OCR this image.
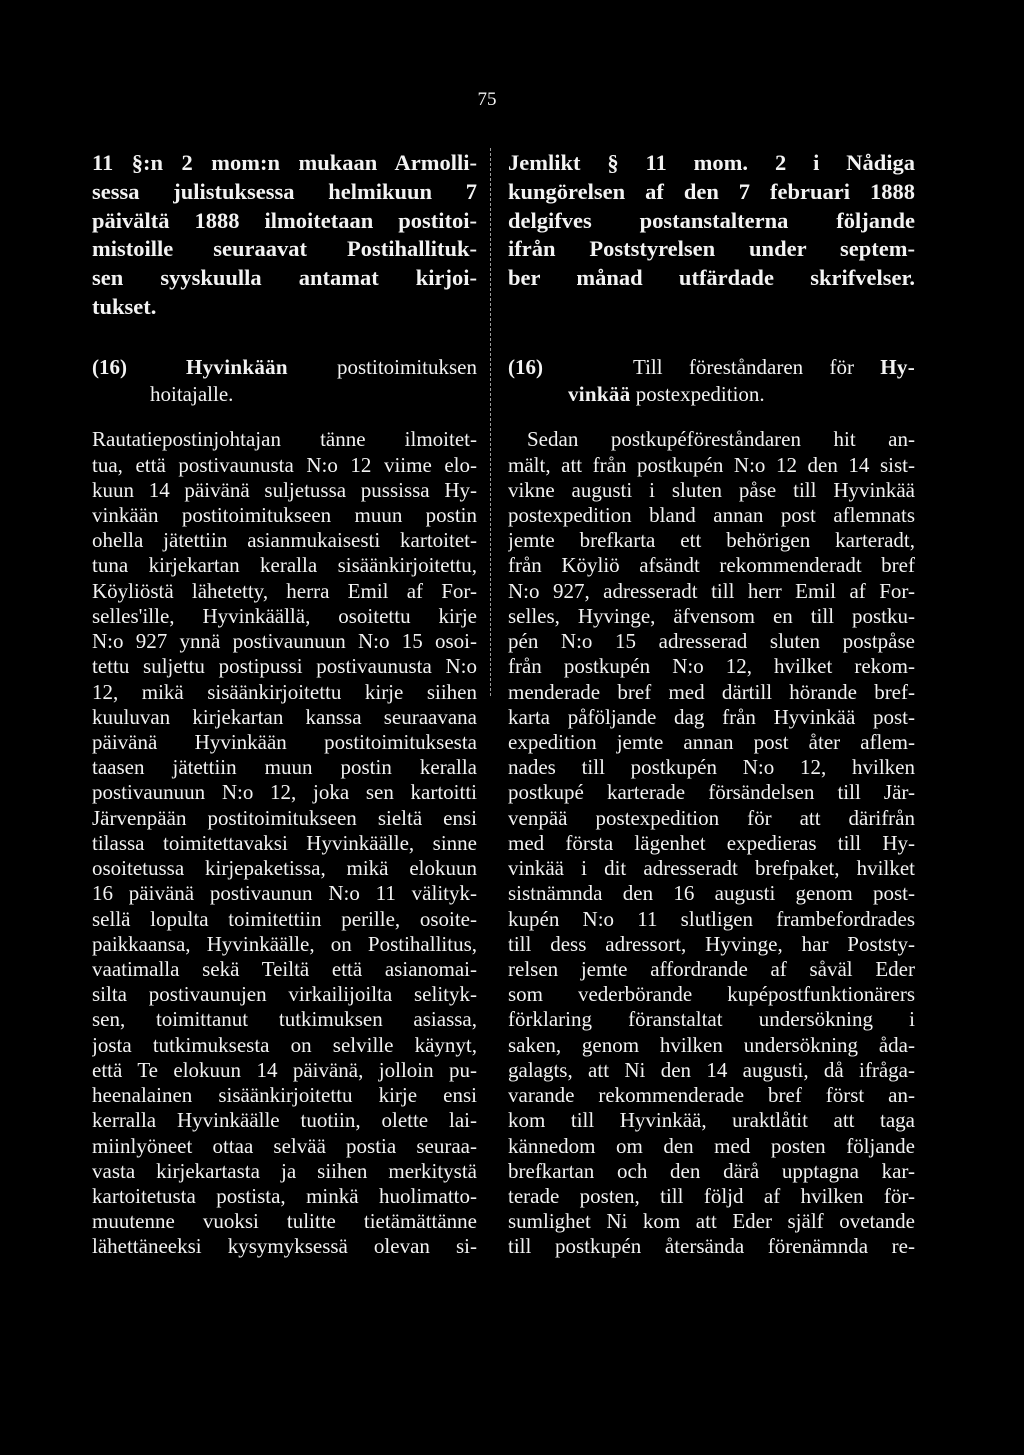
75
11 §:n 2 mom:n mukaan Armolli-
sessa julistuksessa helmikuun 7
päivältä 1888 ilmoitetaan postitoi-
mistoille seuraavat Postihallituk-
sen syyskuulla antamat kirjoi-
tukset.
(16)	Hyvinkään postitoimituksen
hoitajalle.
Rautatiepostinjohtajan tänne ilmoitet-
tua, että postivaunusta N:o 12 viime elo-
kuun 14 päivänä suljetussa pussissa Hy-
vinkään postitoimitukseen muun postin
ohella jätettiin asianmukaisesti kartoitet-
tuna kirjekartan keralla sisäänkirjoitettu,
Köyliöstä lähetetty, herra Emil af For-
selles'ille, Hyvinkäällä, osoitettu kirje
N:o 927 ynnä postivaunuun N:o 15 osoi-
tettu suljettu postipussi postivaunusta N:o
12, mikä sisäänkirjoitettu kirje siihen
kuuluvan kirjekartan kanssa seuraavana
päivänä Hyvinkään postitoimituksesta
taasen jätettiin muun postin keralla
postivaunuun N:o 12, joka sen kartoitti
Järvenpään postitoimitukseen sieltä ensi
tilassa toimitettavaksi Hyvinkäälle, sinne
osoitetussa kirjepaketissa, mikä elokuun
16 päivänä postivaunun N:o 11 välityk-
sellä lopulta toimitettiin perille, osoite-
paikkaansa, Hyvinkäälle, on Postihallitus,
vaatimalla sekä Teiltä että asianomai-
silta postivaunujen virkailijoilta selityk-
sen, toimittanut tutkimuksen asiassa,
josta tutkimuksesta on selville käynyt,
että Te elokuun 14 päivänä, jolloin pu-
heenalainen sisäänkirjoitettu kirje ensi
kerralla Hyvinkäälle tuotiin, olette lai-
miinlyöneet ottaa selvää postia seuraa-
vasta kirjekartasta ja siihen merkitystä
kartoitetusta postista, minkä huolimatto-
muutenne vuoksi tulitte tietämättänne
lähettäneeksi kysymyksessä olevan si-
Jemlikt § 11 mom. 2 i Nådiga
kungörelsen af den 7 februari 1888
delgifves postanstalterna följande
ifrån Poststyrelsen under septem-
ber månad utfärdade skrifvelser.
(16)	Till föreståndaren för Hy-
vinkää postexpedition.
Sedan postkupéföreståndaren hit an-
mält, att från postkupén N:o 12 den 14 sist-
vikne augusti i sluten påse till Hyvinkää
postexpedition bland annan post aflemnats
jemte brefkarta ett behörigen karteradt,
från Köyliö afsändt rekommenderadt bref
N:o 927, adresseradt till herr Emil af For-
selles, Hyvinge, äfvensom en till postku-
pén N:o 15 adresserad sluten postpåse
från postkupén N:o 12, hvilket rekom-
menderade bref med därtill hörande bref-
karta påföljande dag från Hyvinkää post-
expedition jemte annan post åter aflem-
nades till postkupén N:o 12, hvilken
postkupé karterade försändelsen till Jär-
venpää postexpedition för att därifrån
med första lägenhet expedieras till Hy-
vinkää i dit adresseradt brefpaket, hvilket
sistnämnda den 16 augusti genom post-
kupén N:o 11 slutligen frambefordrades
till dess adressort, Hyvinge, har Poststy-
relsen jemte affordrande af såväl Eder
som vederbörande kupépostfunktionärers
förklaring föranstaltat undersökning i
saken, genom hvilken undersökning åda-
galagts, att Ni den 14 augusti, då ifråga-
varande rekommenderade bref först an-
kom till Hyvinkää, uraktlåtit att taga
kännedom om den med posten följande
brefkartan och den därå upptagna kar-
terade posten, till följd af hvilken för-
sumlighet Ni kom att Eder själf ovetande
till postkupén återsända förenämnda re-
